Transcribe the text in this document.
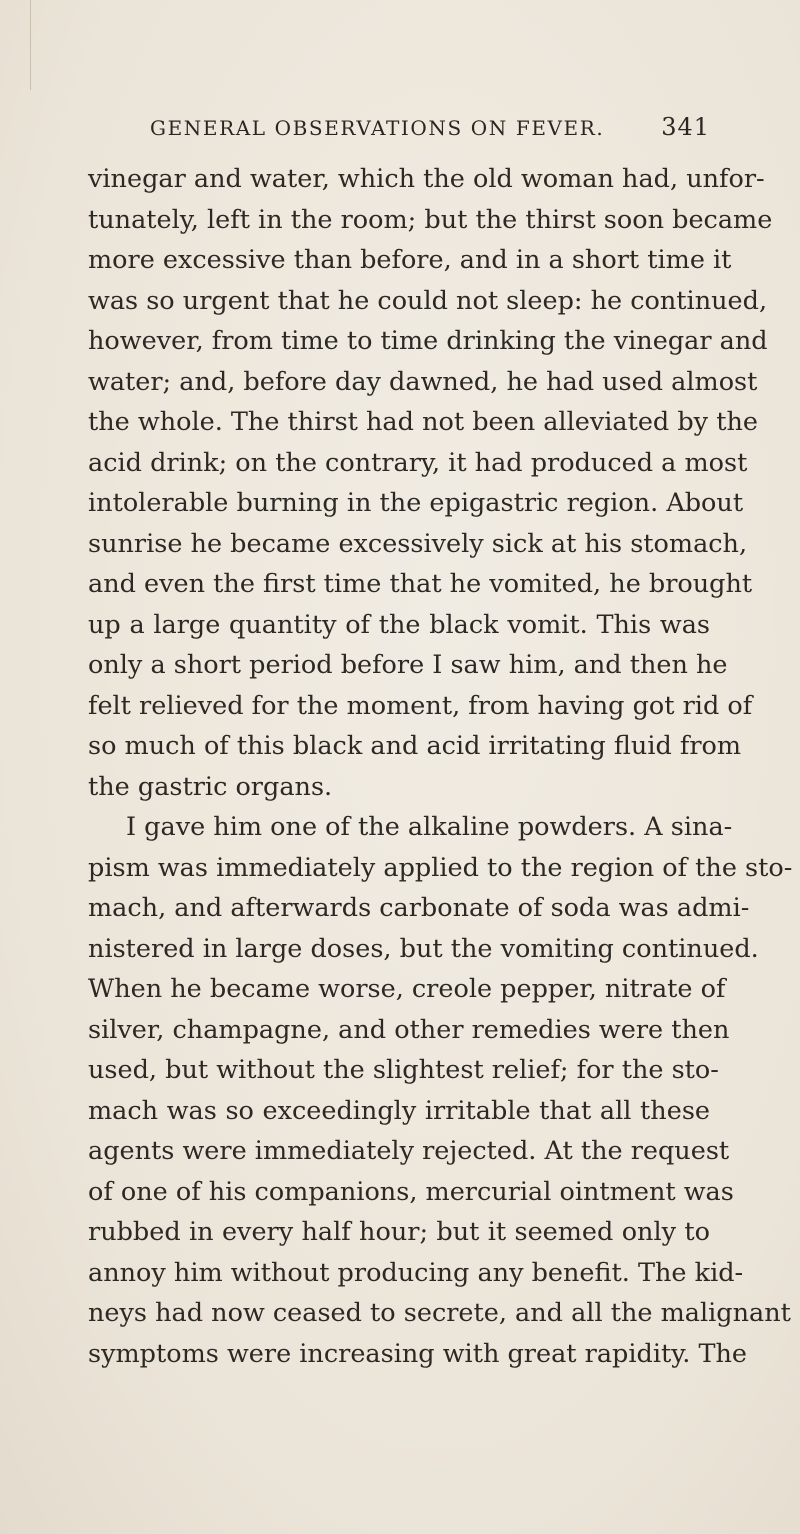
GENERAL OBSERVATIONS ON FEVER. 341
vinegar and water, which the old woman had, unfor-
tunately, left in the room; but the thirst soon became
more excessive than before, and in a short time it
was so urgent that he could not sleep: he continued,
however, from time to time drinking the vinegar and
water; and, before day dawned, he had used almost
the whole. The thirst had not been alleviated by the
acid drink; on the contrary, it had produced a most
intolerable burning in the epigastric region. About
sunrise he became excessively sick at his stomach,
and even the first time that he vomited, he brought
up a large quantity of the black vomit. This was
only a short period before I saw him, and then he
felt relieved for the moment, from having got rid of
so much of this black and acid irritating fluid from
the gastric organs.
I gave him one of the alkaline powders. A sina-
pism was immediately applied to the region of the sto-
mach, and afterwards carbonate of soda was admi-
nistered in large doses, but the vomiting continued.
When he became worse, creole pepper, nitrate of
silver, champagne, and other remedies were then
used, but without the slightest relief; for the sto-
mach was so exceedingly irritable that all these
agents were immediately rejected. At the request
of one of his companions, mercurial ointment was
rubbed in every half hour; but it seemed only to
annoy him without producing any benefit. The kid-
neys had now ceased to secrete, and all the malignant
symptoms were increasing with great rapidity. The
